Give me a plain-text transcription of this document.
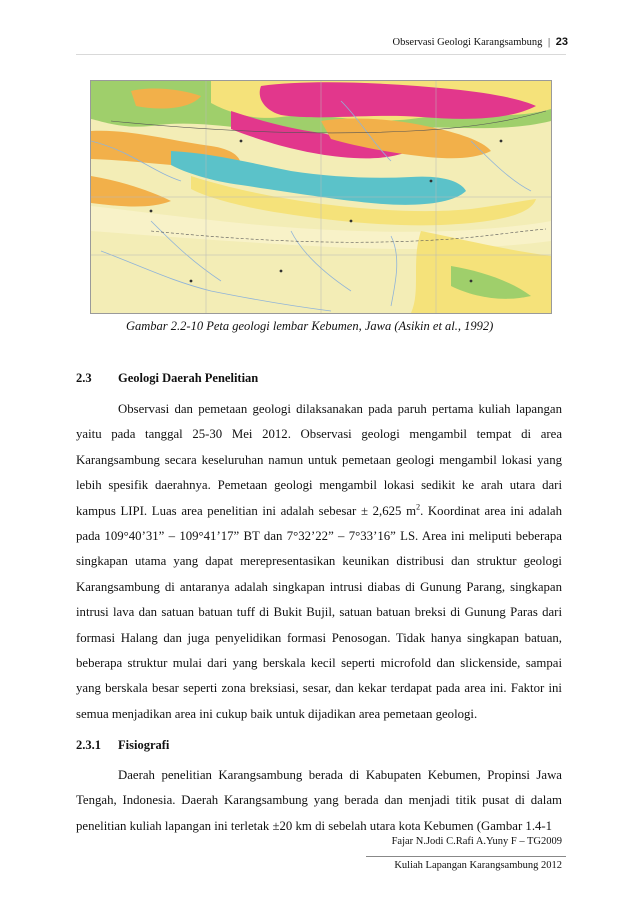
Observasi Geologi Karangsambung | 23
Gambar 2.2-10 Peta geologi lembar Kebumen, Jawa (Asikin et al., 1992)
2.3 Geologi Daerah Penelitian
Observasi dan pemetaan geologi dilaksanakan pada paruh pertama kuliah lapangan yaitu pada tanggal 25-30 Mei 2012. Observasi geologi mengambil tempat di area Karangsambung secara keseluruhan namun untuk pemetaan geologi mengambil lokasi yang lebih spesifik daerahnya. Pemetaan geologi mengambil lokasi sedikit ke arah utara dari kampus LIPI. Luas area penelitian ini adalah sebesar ± 2,625 $m^2$. Koordinat area ini adalah pada 109°40’31” – 109°41’17” BT dan 7°32’22” – 7°33’16” LS. Area ini meliputi beberapa singkapan utama yang dapat merepresentasikan keunikan distribusi dan struktur geologi Karangsambung di antaranya adalah singkapan intrusi diabas di Gunung Parang, singkapan intrusi lava dan satuan batuan tuff di Bukit Bujil, satuan batuan breksi di Gunung Paras dari formasi Halang dan juga penyelidikan formasi Penosogan. Tidak hanya singkapan batuan, beberapa struktur mulai dari yang berskala kecil seperti microfold dan slickenside, sampai yang berskala besar seperti zona breksiasi, sesar, dan kekar terdapat pada area ini. Faktor ini semua menjadikan area ini cukup baik untuk dijadikan area pemetaan geologi.
2.3.1 Fisiografi
Daerah penelitian Karangsambung berada di Kabupaten Kebumen, Propinsi Jawa Tengah, Indonesia. Daerah Karangsambung yang berada dan menjadi titik pusat di dalam penelitian kuliah lapangan ini terletak ±20 km di sebelah utara kota Kebumen (Gambar 1.4-1
Fajar N.Jodi C.Rafi A.Yuny F – TG2009
Kuliah Lapangan Karangsambung 2012
